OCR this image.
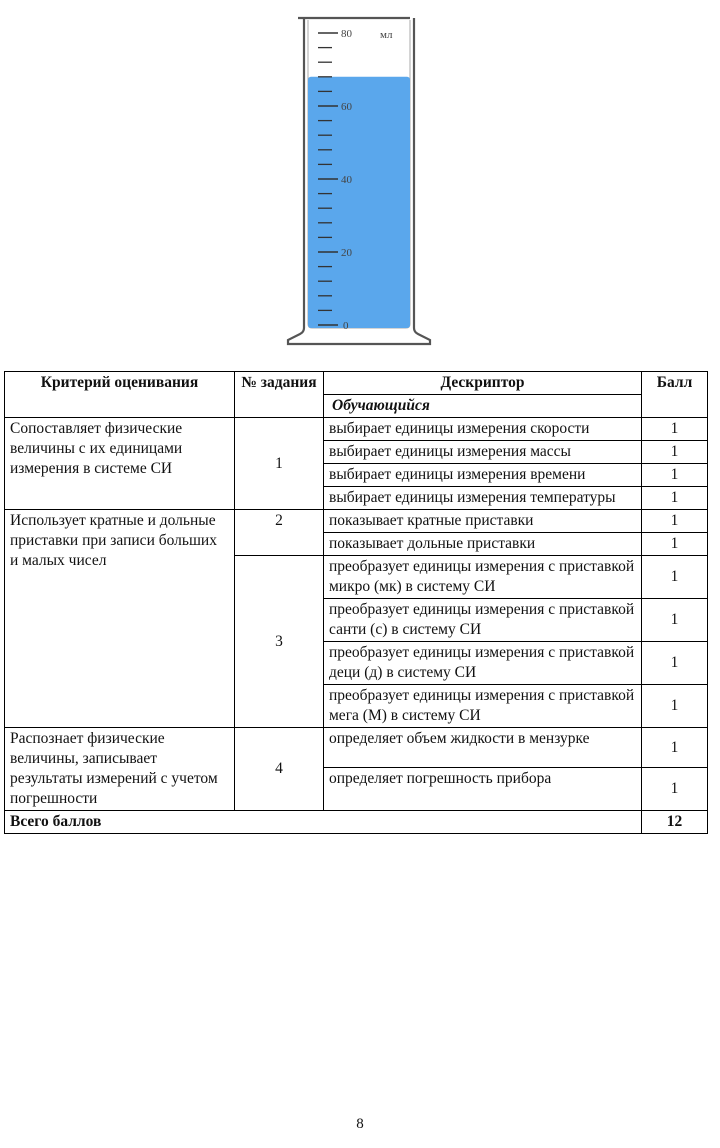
80
60
40
20
0
мл
Критерий оценивания	№ задания	Дескриптор	Балл
		Обучающийся	
Сопоставляет физические величины с их единицами измерения в системе СИ	1	выбирает единицы измерения скорости	1
		выбирает единицы измерения массы	1
		выбирает единицы измерения времени	1
		выбирает единицы измерения температуры	1
Использует кратные и дольные приставки при записи больших и малых чисел	2	показывает кратные приставки	1
		показывает дольные приставки	1
	3	преобразует единицы измерения с приставкой микро (мк) в систему СИ	1
		преобразует единицы измерения с приставкой санти (с) в систему СИ	1
		преобразует единицы измерения с приставкой деци (д) в систему СИ	1
		преобразует единицы измерения с приставкой мега (М) в систему СИ	1
Распознает физические величины, записывает результаты измерений с учетом погрешности	4	определяет объем жидкости в мензурке	1
		определяет погрешность прибора	1
Всего баллов			12
8
